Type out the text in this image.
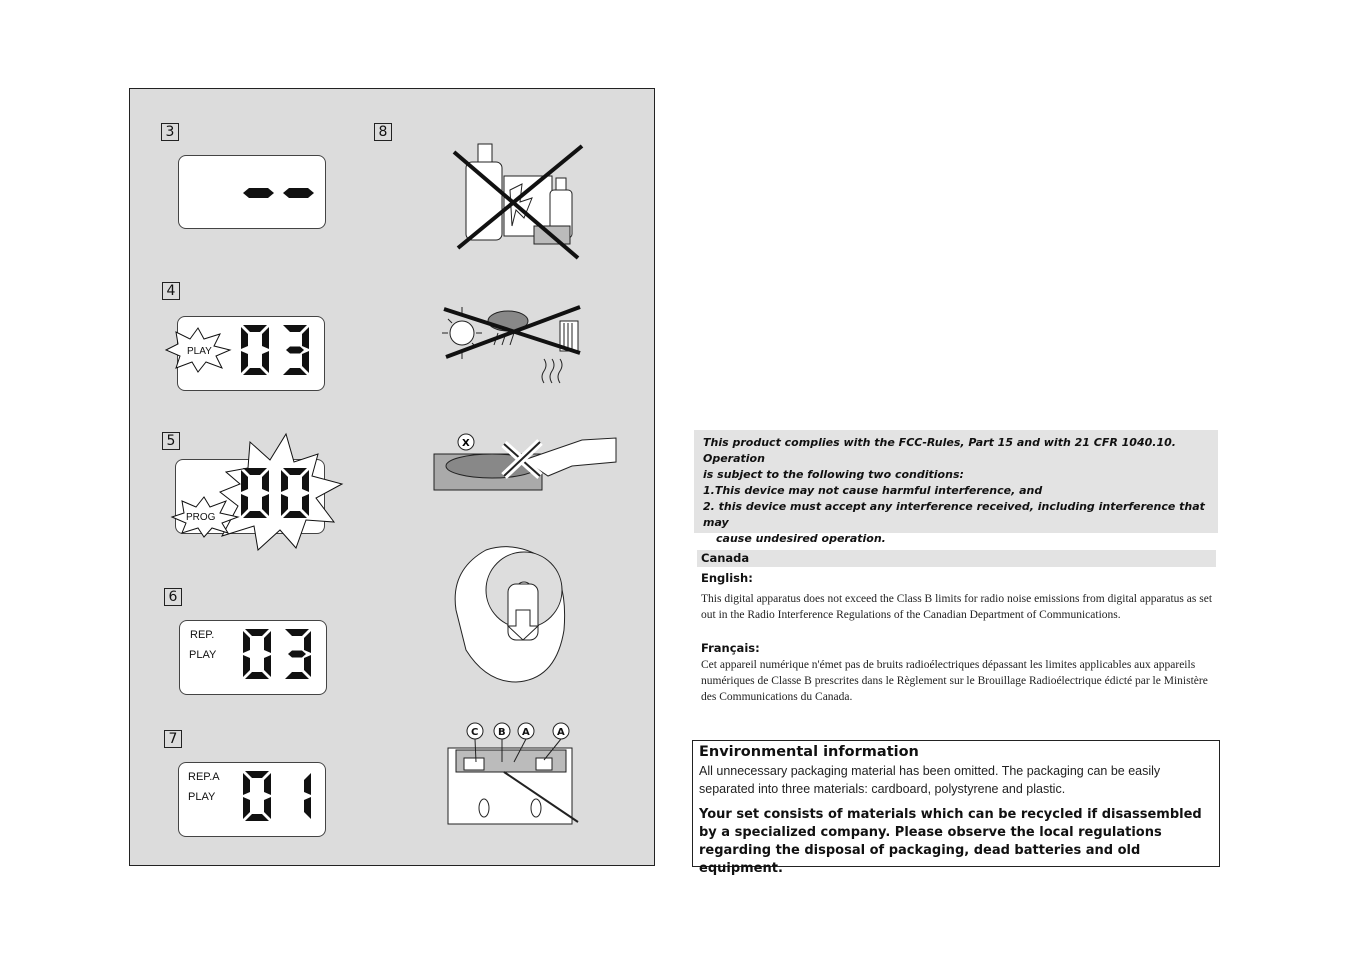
3
4
5
6
7
8
PLAY
PROG
REP.
PLAY
REP.A
PLAY
X
C B A	A

This product complies with the FCC-Rules, Part 15 and with 21 CFR 1040.10. Operation

is subject to the following two conditions:

1.This device may not cause harmful interference, and

2. this device must accept any interference received, including interference that may

cause undesired operation.

Canada
English:
This digital apparatus does not exceed the Class B limits for radio noise emissions from digital apparatus as set out in the Radio Interference Regulations of the Canadian Department of Communications.
Français:
Cet appareil numérique n'émet pas de bruits radioélectriques dépassant les limites applicables aux appareils numériques de Classe B prescrites dans le Règlement sur le Brouillage Radioélectrique édicté par le Ministère des Communications du Canada.
Environmental information
All unnecessary packaging material has been omitted. The packaging can be easily separated into three materials: cardboard, polystyrene and plastic.
Your set consists of materials which can be recycled if disassembled by a specialized company. Please observe the local regulations regarding the disposal of packaging, dead batteries and old equipment.
